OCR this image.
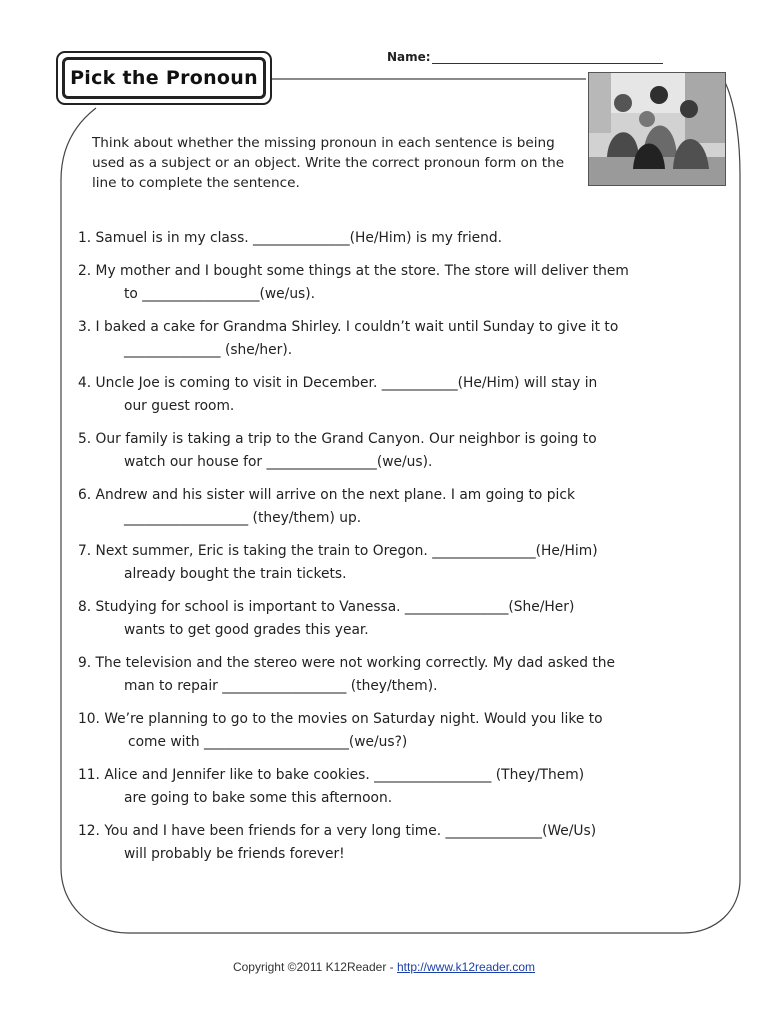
Pick the Pronoun
Name:
Think about whether the missing pronoun in each sentence is being used as a subject or an object. Write the correct pronoun form on the line to complete the sentence.
1. Samuel is in my class. ______________(He/Him) is my friend.
2. My mother and I bought some things at the store. The store will deliver them
to _________________(we/us).
3. I baked a cake for Grandma Shirley. I couldn’t wait until Sunday to give it to
______________ (she/her).
4. Uncle Joe is coming to visit in December. ___________(He/Him) will stay in
our guest room.
5. Our family is taking a trip to the Grand Canyon. Our neighbor is going to
watch our house for ________________(we/us).
6. Andrew and his sister will arrive on the next plane. I am going to pick
__________________ (they/them) up.
7. Next summer, Eric is taking the train to Oregon. _______________(He/Him)
already bought the train tickets.
8. Studying for school is important to Vanessa. _______________(She/Her)
wants to get good grades this year.
9. The television and the stereo were not working correctly. My dad asked the
man to repair __________________ (they/them).
10. We’re planning to go to the movies on Saturday night. Would you like to
come with _____________________(we/us?)
11. Alice and Jennifer like to bake cookies. _________________ (They/Them)
are going to bake some this afternoon.
12. You and I have been friends for a very long time. ______________(We/Us)
will probably be friends forever!
Copyright ©2011 K12Reader - http://www.k12reader.com
